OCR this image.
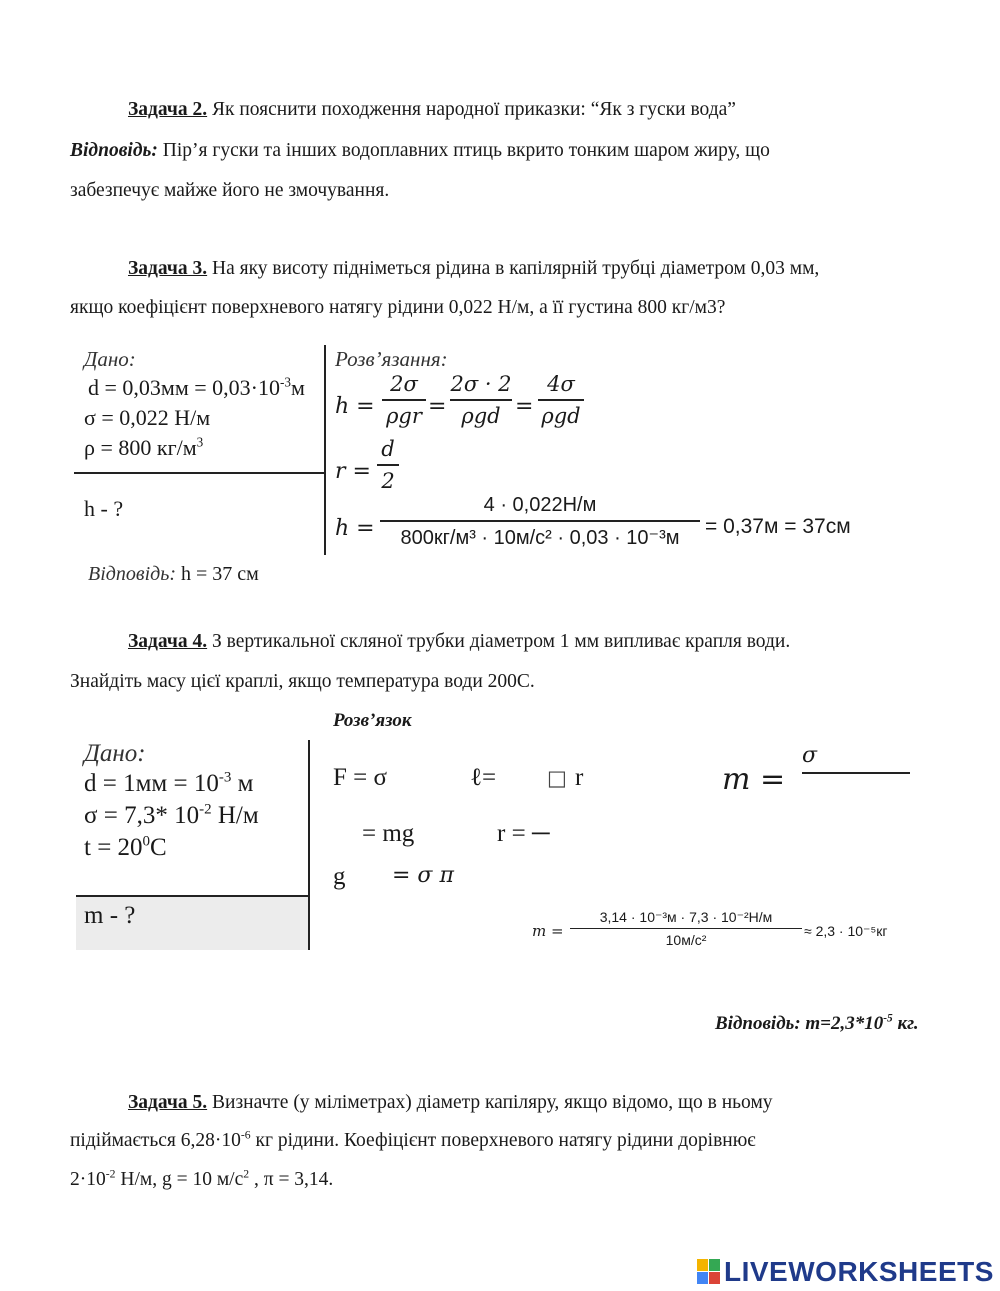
Задача 2. Як пояснити походження народної приказки: “Як з гуски вода”
Відповідь: Пір’я гуски та інших водоплавних птиць вкрито тонким шаром жиру, що
забезпечує майже його не змочування.
Задача 3. На яку висоту підніметься рідина в капілярній трубці діаметром 0,03 мм,
якщо коефіцієнт поверхневого натягу рідини 0,022 Н/м, а її густина 800 кг/м3?
Дано:
$d = 0,03мм = 0,03\cdot 10^{-3}м$
σ = 0,022 Н/м
ρ = 800 $кг/м^3$
h - ?
Розв’язання:
h =
2σ
ρgr =
2σ · 2
ρgd =
4σ
ρgd
r =
d
2
h =
4 · 0,022Н/м
800кг/м³ · 10м/с² · 0,03 · 10⁻³м	= 0,37м = 37см
Відповідь: h = 37 см
Задача 4. З вертикальної скляної трубки діаметром 1 мм випливає крапля води.
Знайдіть масу цієї краплі, якщо температура води 200С.
Розв’язок
Дано:
$d = 1мм = 10^{-3}$ м
σ = 7,3* $10^{-2}$ Н/м
$t = 20^0С$
m - ?
F = σ	ℓ= □ r
= mg	r = ─
g = σ π
m =
σ
m =
3,14 · 10⁻³м · 7,3 · 10⁻²Н/м
10м/с²
≈ 2,3 · 10⁻⁵кг
Відповідь: $m=2,3*10^{-5}$ кг.
Задача 5. Визначте (у міліметрах) діаметр капіляру, якщо відомо, що в ньому
підіймається $6,28\cdot 10^{-6}$ кг рідини. Коефіцієнт поверхневого натягу рідини дорівнює
$2\cdot 10^{-2}$ Н/м, g = 10 $м/с^2$ , π = 3,14.
LIVEWORKSHEETS
